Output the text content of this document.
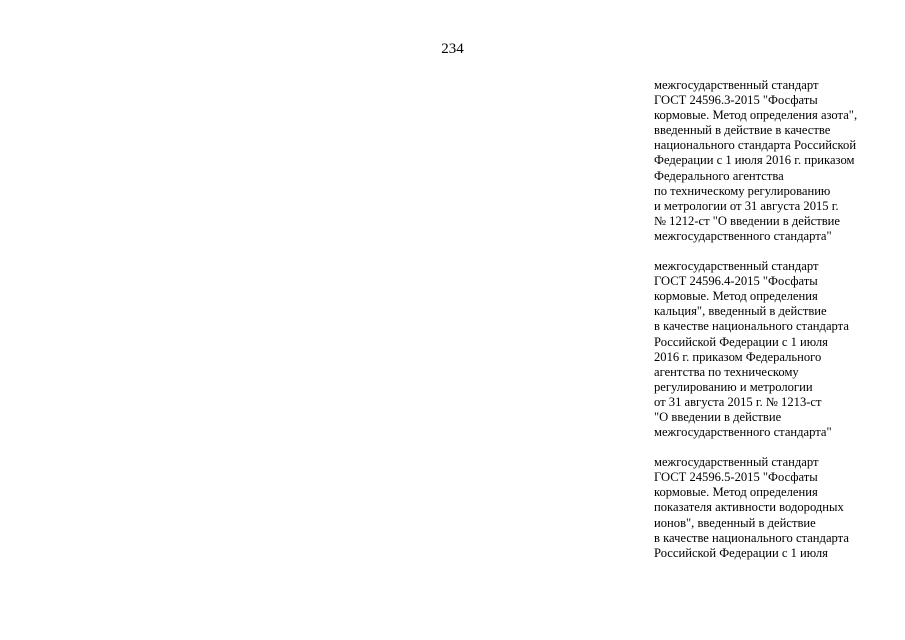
234
межгосударственный стандарт
ГОСТ 24596.3-2015 "Фосфаты
кормовые. Метод определения азота",
введенный в действие в качестве
национального стандарта Российской
Федерации с 1 июля 2016 г. приказом
Федерального агентства
по техническому регулированию
и метрологии от 31 августа 2015 г.
№ 1212-ст "О введении в действие
межгосударственного стандарта"
межгосударственный стандарт
ГОСТ 24596.4-2015 "Фосфаты
кормовые. Метод определения
кальция", введенный в действие
в качестве национального стандарта
Российской Федерации с 1 июля
2016 г. приказом Федерального
агентства по техническому
регулированию и метрологии
от 31 августа 2015 г. № 1213-ст
"О введении в действие
межгосударственного стандарта"
межгосударственный стандарт
ГОСТ 24596.5-2015 "Фосфаты
кормовые. Метод определения
показателя активности водородных
ионов", введенный в действие
в качестве национального стандарта
Российской Федерации с 1 июля
